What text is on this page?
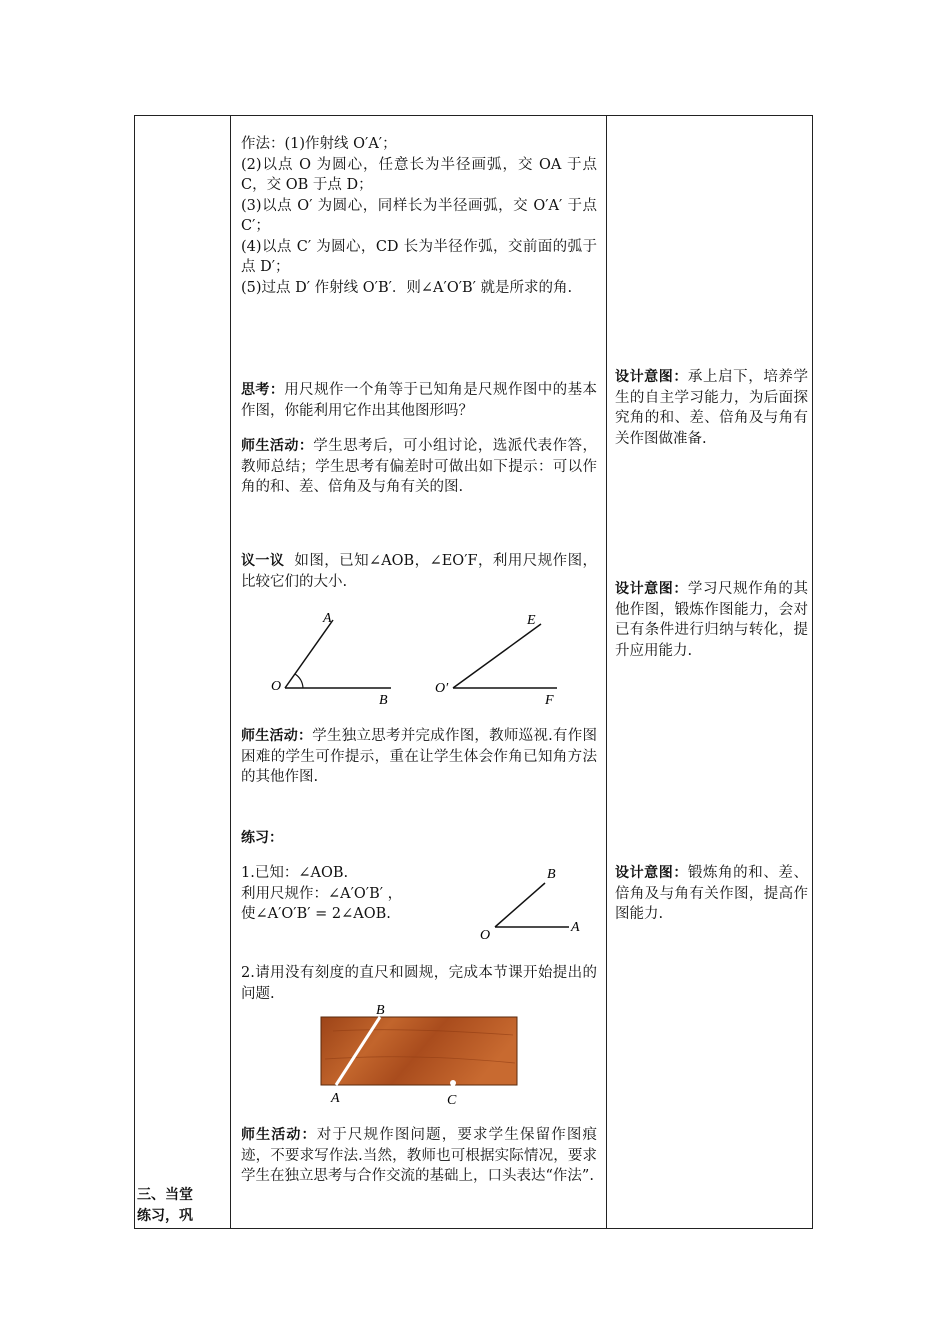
作法：(1)作射线 O′A′；

(2)以点 O 为圆心，任意长为半径画弧，交 OA 于点 C，交 OB 于点 D；

(3)以点 O′ 为圆心，同样长为半径画弧，交 O′A′ 于点 C′；

(4)以点 C′ 为圆心，CD 长为半径作弧，交前面的弧于点 D′；

(5)过点 D′ 作射线 O′B′．则∠A′O′B′ 就是所求的角.

思考：用尺规作一个角等于已知角是尺规作图中的基本作图，你能利用它作出其他图形吗？

师生活动：学生思考后，可小组讨论，选派代表作答，教师总结；学生思考有偏差时可做出如下提示：可以作角的和、差、倍角及与角有关的图.

议一议 如图，已知∠AOB，∠EO′F，利用尺规作图，比较它们的大小.

A
O
B
E
O′
F

师生活动：学生独立思考并完成作图，教师巡视.有作图困难的学生可作提示，重在让学生体会作角已知角方法的其他作图.

练习：

1.已知：∠AOB.

利用尺规作：∠A′O′B′ ，

使∠A′O′B′ = 2∠AOB.

B
O
A

2.请用没有刻度的直尺和圆规，完成本节课开始提出的问题.

B
A	C

师生活动：对于尺规作图问题，要求学生保留作图痕迹，不要求写作法.当然，教师也可根据实际情况，要求学生在独立思考与合作交流的基础上，口头表达“作法”.

设计意图：承上启下，培养学生的自主学习能力，为后面探究角的和、差、倍角及与角有关作图做准备.

设计意图：学习尺规作角的其他作图，锻炼作图能力，会对已有条件进行归纳与转化，提升应用能力.

设计意图：锻炼角的和、差、倍角及与角有关作图，提高作图能力.

三、当堂

练习，巩
